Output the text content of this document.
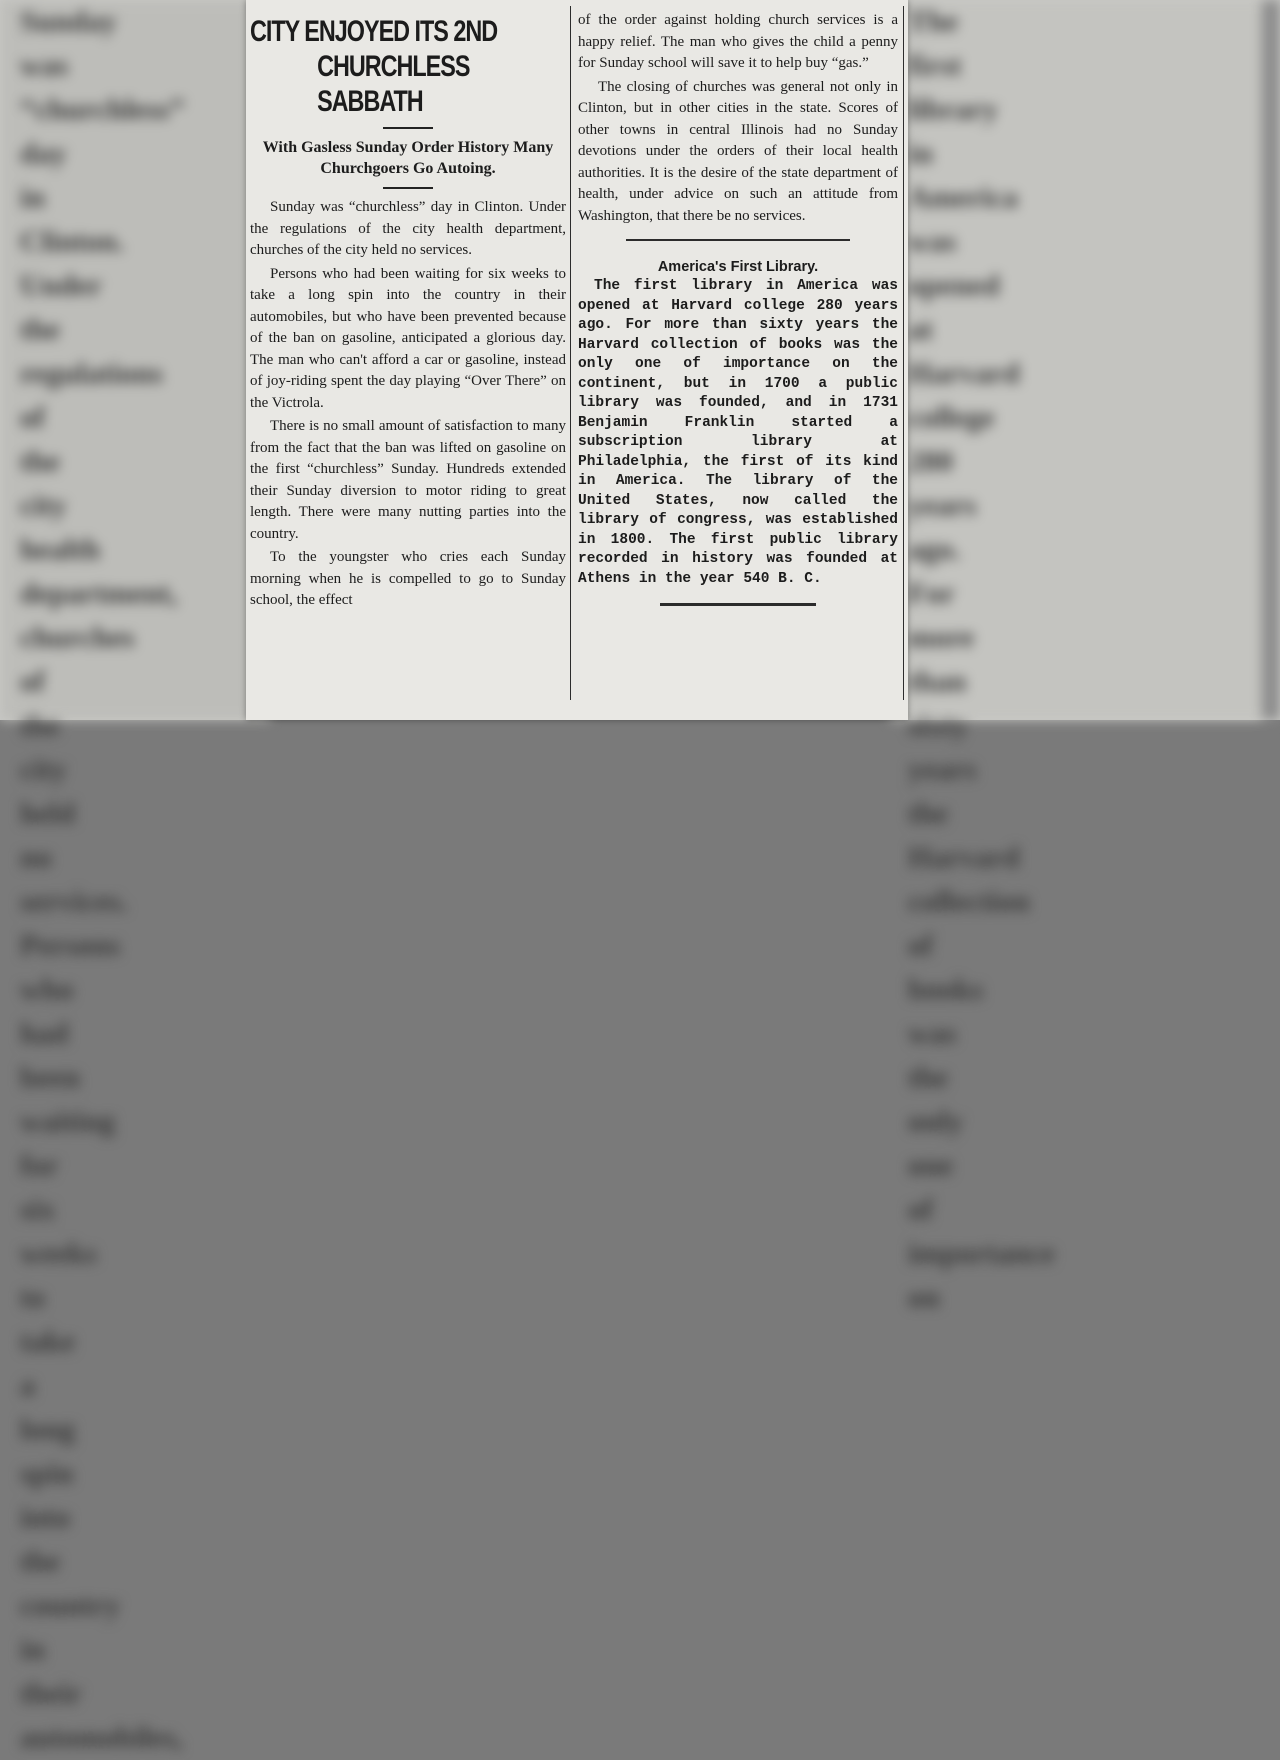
Sunday
was
“churchless”
day
in
Clinton.
Under
the
regulations
of
the
city
health
department,
churches
of
the
city
held
no
services.
Persons
who
had
been
waiting
for
six
weeks
to
take
a
long
spin
into
the
country
in
their
automobiles,
The
first
library
in
America
was
opened
at
Harvard
college
280
years
ago.
For
more
than
sixty
years
the
Harvard
collection
of
books
was
the
only
one
of
importance
on
CITY ENJOYED ITS 2ND
CHURCHLESS SABBATH
With Gasless Sunday Order History Many Churchgoers Go Autoing.

Sunday was “churchless” day in Clinton. Under the regulations of the city health department, churches of the city held no services.

Persons who had been waiting for six weeks to take a long spin into the country in their automobiles, but who have been prevented because of the ban on gasoline, anticipated a glorious day. The man who can't afford a car or gasoline, instead of joy-riding spent the day playing “Over There” on the Victrola.

There is no small amount of satisfaction to many from the fact that the ban was lifted on gasoline on the first “churchless” Sunday. Hundreds extended their Sunday diversion to motor riding to great length. There were many nutting parties into the country.

To the youngster who cries each Sunday morning when he is compelled to go to Sunday school, the effect

of the order against holding church services is a happy relief. The man who gives the child a penny for Sunday school will save it to help buy “gas.”

The closing of churches was general not only in Clinton, but in other cities in the state. Scores of other towns in central Illinois had no Sunday devotions under the orders of their local health authorities. It is the desire of the state department of health, under advice on such an attitude from Washington, that there be no services.

America's First Library.

The first library in America was opened at Harvard college 280 years ago. For more than sixty years the Harvard collection of books was the only one of importance on the continent, but in 1700 a public library was founded, and in 1731 Benjamin Franklin started a subscription library at Philadelphia, the first of its kind in America. The library of the United States, now called the library of congress, was established in 1800. The first public library recorded in history was founded at Athens in the year 540 B. C.
